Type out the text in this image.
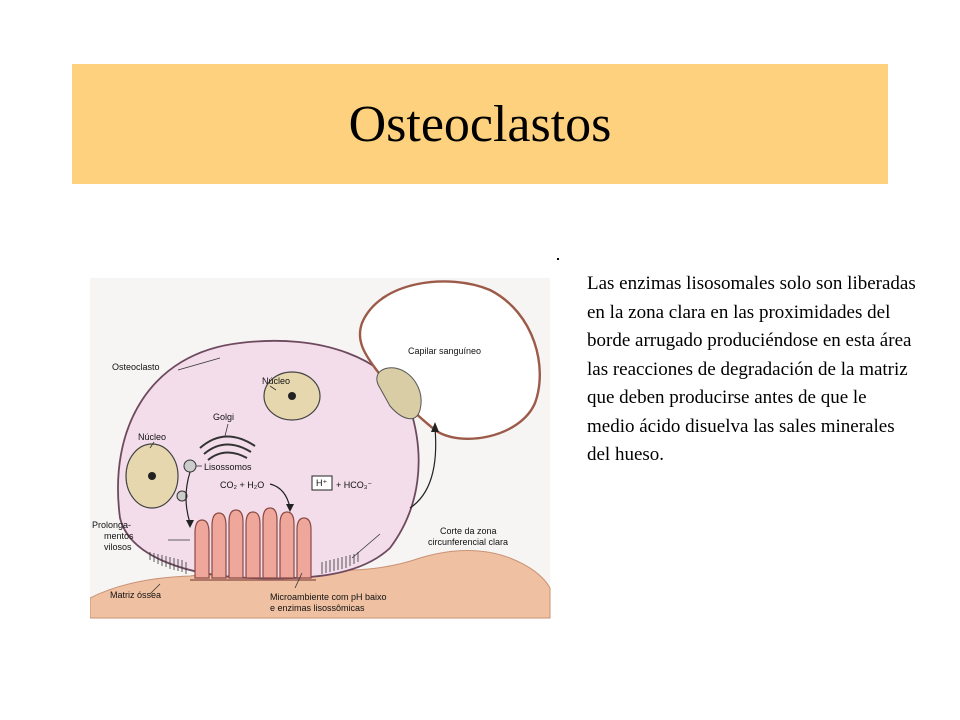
Osteoclastos
Osteoclasto
Núcleo
Golgi
Núcleo
Lisossomos
CO₂ + H₂O	H⁺ + HCO₃⁻
Prolonga-
mentos
vilosos
Capilar sanguíneo
Corte da zona
circunferencial clara
Matriz óssea	Microambiente com pH baixo
e enzimas lisossômicas

Las enzimas lisosomales solo son liberadas en la zona clara en las proximidades del borde arrugado produciéndose en esta área las reacciones de degradación de la matriz que deben producirse antes de que le medio ácido disuelva las sales minerales del hueso.
